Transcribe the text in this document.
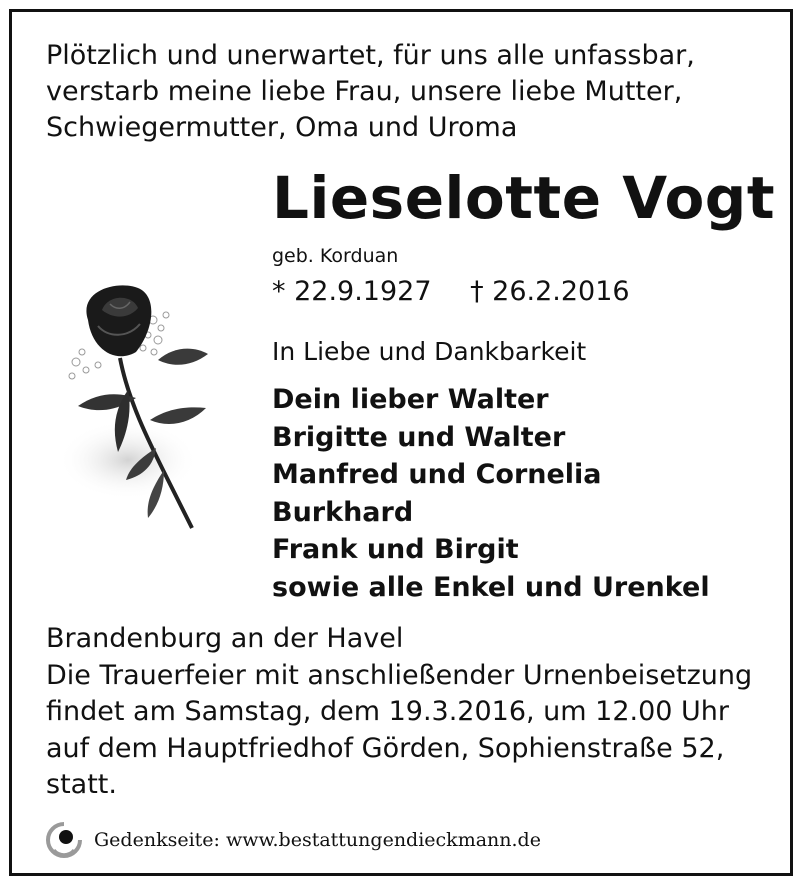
Plötzlich und unerwartet, für uns alle unfassbar,
verstarb meine liebe Frau, unsere liebe Mutter,
Schwiegermutter, Oma und Uroma
Lieselotte Vogt
geb. Korduan
* 22.9.1927 † 26.2.2016
In Liebe und Dankbarkeit
Dein lieber Walter
Brigitte und Walter
Manfred und Cornelia
Burkhard
Frank und Birgit
sowie alle Enkel und Urenkel
Brandenburg an der Havel
Die Trauerfeier mit anschließender Urnenbeisetzung
findet am Samstag, dem 19.3.2016, um 12.00 Uhr
auf dem Hauptfriedhof Görden, Sophienstraße 52,
statt.
Gedenkseite: www.bestattungendieckmann.de
